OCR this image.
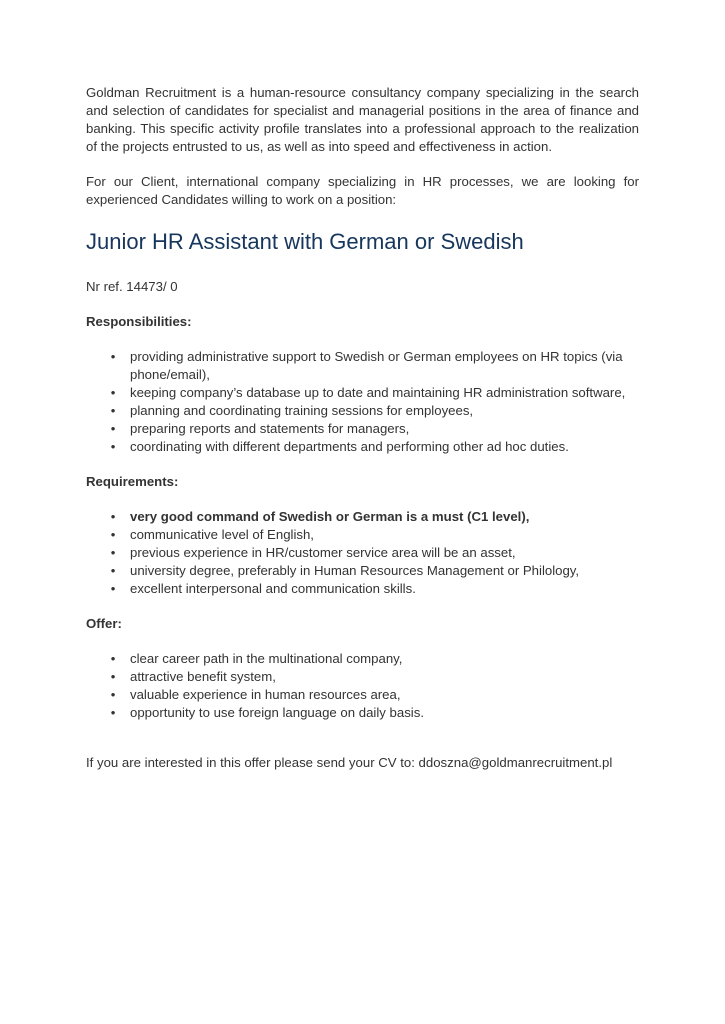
Goldman Recruitment is a human-resource consultancy company specializing in the search and selection of candidates for specialist and managerial positions in the area of finance and banking. This specific activity profile translates into a professional approach to the realization of the projects entrusted to us, as well as into speed and effectiveness in action.

For our Client, international company specializing in HR processes, we are looking for experienced Candidates willing to work on a position:

Junior HR Assistant with German or Swedish

Nr ref. 14473/ 0

Responsibilities:

• providing administrative support to Swedish or German employees on HR topics (via phone/email),
• keeping company’s database up to date and maintaining HR administration software,
• planning and coordinating training sessions for employees,
• preparing reports and statements for managers,
• coordinating with different departments and performing other ad hoc duties.

Requirements:

• very good command of Swedish or German is a must (C1 level),
• communicative level of English,
• previous experience in HR/customer service area will be an asset,
• university degree, preferably in Human Resources Management or Philology,
• excellent interpersonal and communication skills.

Offer:

• clear career path in the multinational company,
• attractive benefit system,
• valuable experience in human resources area,
• opportunity to use foreign language on daily basis.

If you are interested in this offer please send your CV to: ddoszna@goldmanrecruitment.pl
